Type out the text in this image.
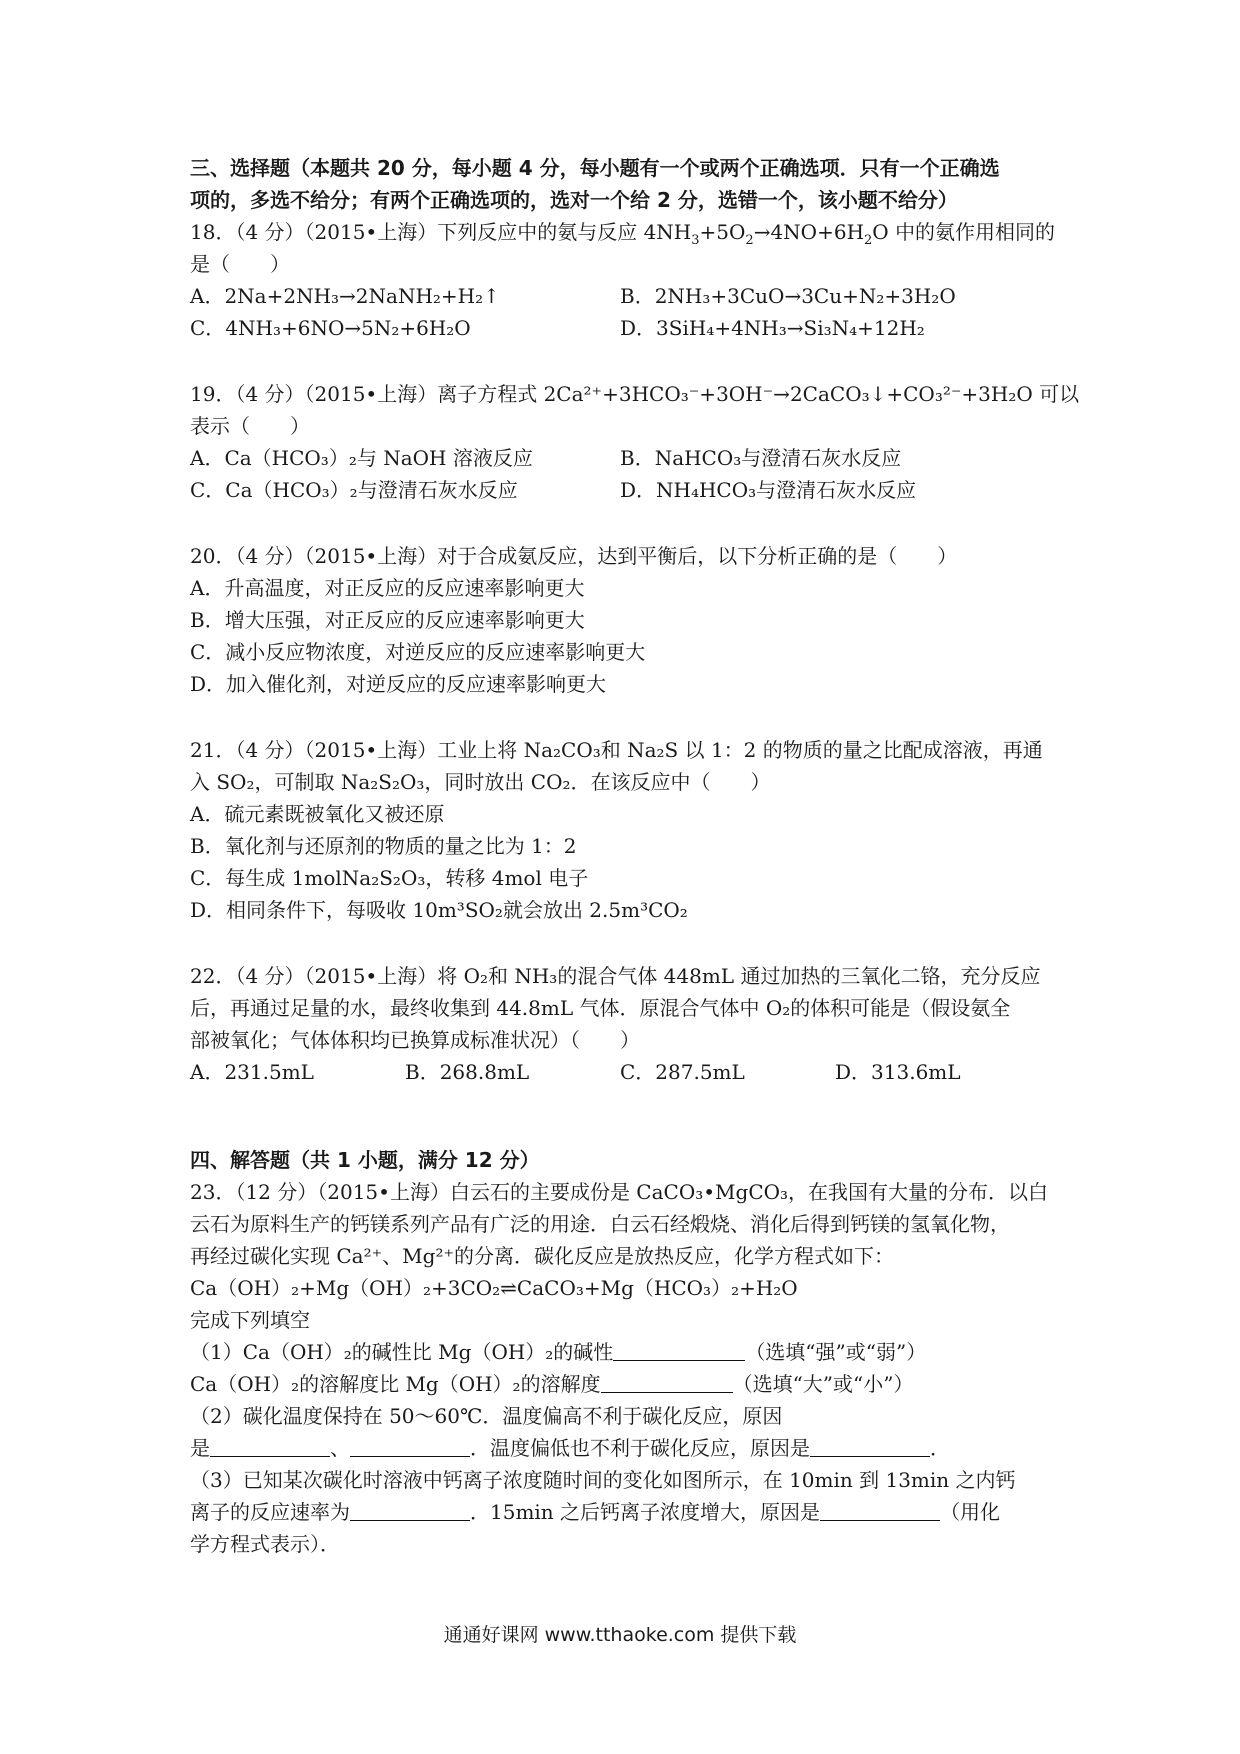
三、选择题（本题共 20 分，每小题 4 分，每小题有一个或两个正确选项．只有一个正确选
项的，多选不给分；有两个正确选项的，选对一个给 2 分，选错一个，该小题不给分）
18．（4 分）（2015•上海）下列反应中的氨与反应 $4NH_3+5O_2\to 4NO+6H_2O$ 中的氨作用相同的
是（　　）
A．2Na+2NH₃→2NaNH₂+H₂↑	B．2NH₃+3CuO→3Cu+N₂+3H₂O
C．4NH₃+6NO→5N₂+6H₂O	D．3SiH₄+4NH₃→Si₃N₄+12H₂
19．（4 分）（2015•上海）离子方程式 2Ca²⁺+3HCO₃⁻+3OH⁻→2CaCO₃↓+CO₃²⁻+3H₂O 可以
表示（　　）
A．Ca（HCO₃）₂与 NaOH 溶液反应	B．NaHCO₃与澄清石灰水反应
C．Ca（HCO₃）₂与澄清石灰水反应	D．NH₄HCO₃与澄清石灰水反应
20．（4 分）（2015•上海）对于合成氨反应，达到平衡后，以下分析正确的是（　　）
A．升高温度，对正反应的反应速率影响更大
B．增大压强，对正反应的反应速率影响更大
C．减小反应物浓度，对逆反应的反应速率影响更大
D．加入催化剂，对逆反应的反应速率影响更大
21．（4 分）（2015•上海）工业上将 Na₂CO₃和 Na₂S 以 1：2 的物质的量之比配成溶液，再通
入 SO₂，可制取 Na₂S₂O₃，同时放出 CO₂．在该反应中（　　）
A．硫元素既被氧化又被还原
B．氧化剂与还原剂的物质的量之比为 1：2
C．每生成 1molNa₂S₂O₃，转移 4mol 电子
D．相同条件下，每吸收 10m³SO₂就会放出 2.5m³CO₂
22．（4 分）（2015•上海）将 O₂和 NH₃的混合气体 448mL 通过加热的三氧化二铬，充分反应
后，再通过足量的水，最终收集到 44.8mL 气体．原混合气体中 O₂的体积可能是（假设氨全
部被氧化；气体体积均已换算成标准状况）（　　）
A．231.5mL	B．268.8mL	C．287.5mL	D．313.6mL
四、解答题（共 1 小题，满分 12 分）
23．（12 分）（2015•上海）白云石的主要成份是 CaCO₃•MgCO₃，在我国有大量的分布．以白
云石为原料生产的钙镁系列产品有广泛的用途．白云石经煅烧、消化后得到钙镁的氢氧化物，
再经过碳化实现 Ca²⁺、Mg²⁺的分离．碳化反应是放热反应，化学方程式如下：
Ca（OH）₂+Mg（OH）₂+3CO₂⇌CaCO₃+Mg（HCO₃）₂+H₂O
完成下列填空
（1）Ca（OH）₂的碱性比 Mg（OH）₂的碱性	（选填“强”或“弱”）
Ca（OH）₂的溶解度比 Mg（OH）₂的溶解度	（选填“大”或“小”）
（2）碳化温度保持在 50～60℃．温度偏高不利于碳化反应，原因
是	、	．温度偏低也不利于碳化反应，原因是	．
（3）已知某次碳化时溶液中钙离子浓度随时间的变化如图所示，在 10min 到 13min 之内钙
离子的反应速率为	．15min 之后钙离子浓度增大，原因是	（用化
学方程式表示）．
通通好课网 www.tthaoke.com 提供下载
